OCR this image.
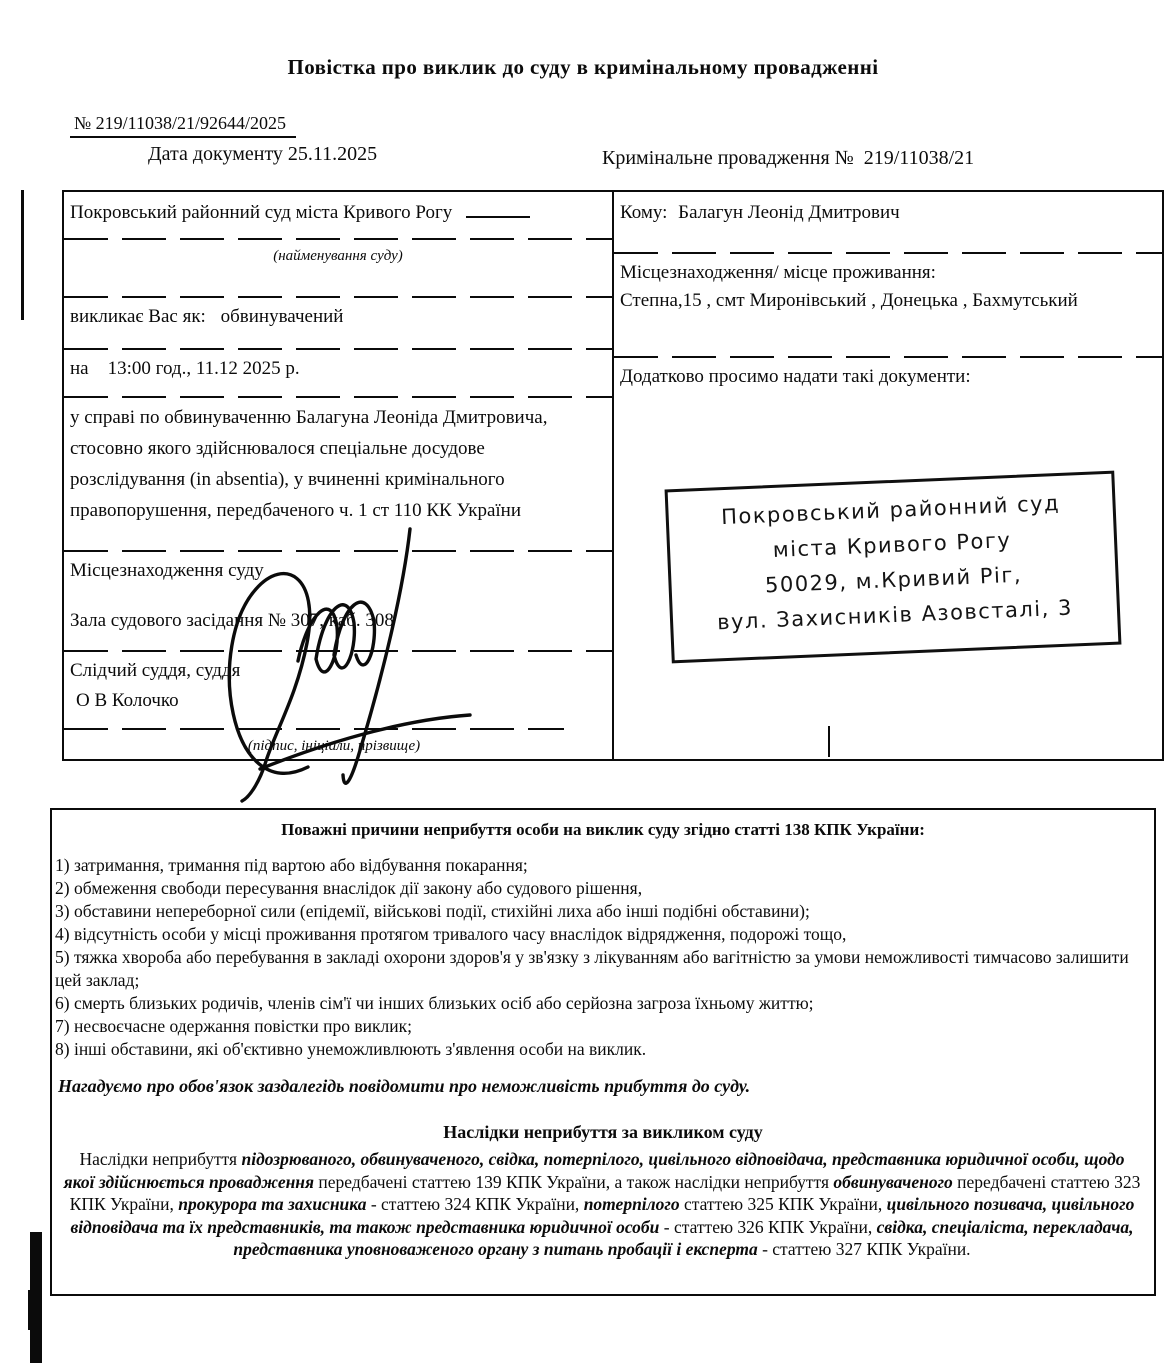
Повістка про виклик до суду в кримінальному провадженні
№ 219/11038/21/92644/2025
Дата документу 25.11.2025	Кримінальне провадження №  219/11038/21
Покровський районний суд міста Кривого Рогу
(найменування суду)
викликає Вас як: обвинувачений
на    13:00 год., 11.12 2025 р.
у справі по обвинуваченню Балагуна Леоніда Дмитровича, стосовно якого здійснювалося спеціальне досудове розслідування (in absentia), у вчиненні кримінального правопорушення, передбаченого ч. 1 ст 110 КК України
Місцезнаходження суду
Зала судового засідання № 307, каб. 308
Слідчий суддя, суддя
О В Колочко
(підпис, ініціали, прізвище)
Кому: Балагун Леонід Дмитрович
Місцезнаходження/ місце проживання:
Степна,15 , смт Миронівський , Донецька , Бахмутський
Додатково просимо надати такі документи:
Покровський районний суд
міста Кривого Рогу
50029, м.Кривий Ріг,
вул. Захисників Азовсталі, 3
Поважні причини неприбуття особи на виклик суду згідно статті 138 КПК України:
1) затримання, тримання під вартою або відбування покарання;
2) обмеження свободи пересування внаслідок дії закону або судового рішення,
3) обставини непереборної сили (епідемії, військові події, стихійні лиха або інші подібні обставини);
4) відсутність особи у місці проживання протягом тривалого часу внаслідок відрядження, подорожі тощо,
5) тяжка хвороба або перебування в закладі охорони здоров'я у зв'язку з лікуванням або вагітністю за умови неможливості тимчасово залишити цей заклад;
6) смерть близьких родичів, членів сім'ї чи інших близьких осіб або серйозна загроза їхньому життю;
7) несвоєчасне одержання повістки про виклик;
8) інші обставини, які об'єктивно унеможливлюють з'явлення особи на виклик.
Нагадуємо про обов'язок заздалегідь повідомити про неможливість прибуття до суду.
Наслідки неприбуття за викликом суду
Наслідки неприбуття підозрюваного, обвинуваченого, свідка, потерпілого, цивільного відповідача, представника юридичної особи, щодо якої здійснюється провадження передбачені статтею 139 КПК України, а також наслідки неприбуття обвинуваченого передбачені статтею 323 КПК України, прокурора та захисника - статтею 324 КПК України, потерпілого статтею 325 КПК України, цивільного позивача, цивільного відповідача та їх представників, та також представника юридичної особи - статтею 326 КПК України, свідка, спеціаліста, перекладача, представника уповноваженого органу з питань пробації і експерта - статтею 327 КПК України.
